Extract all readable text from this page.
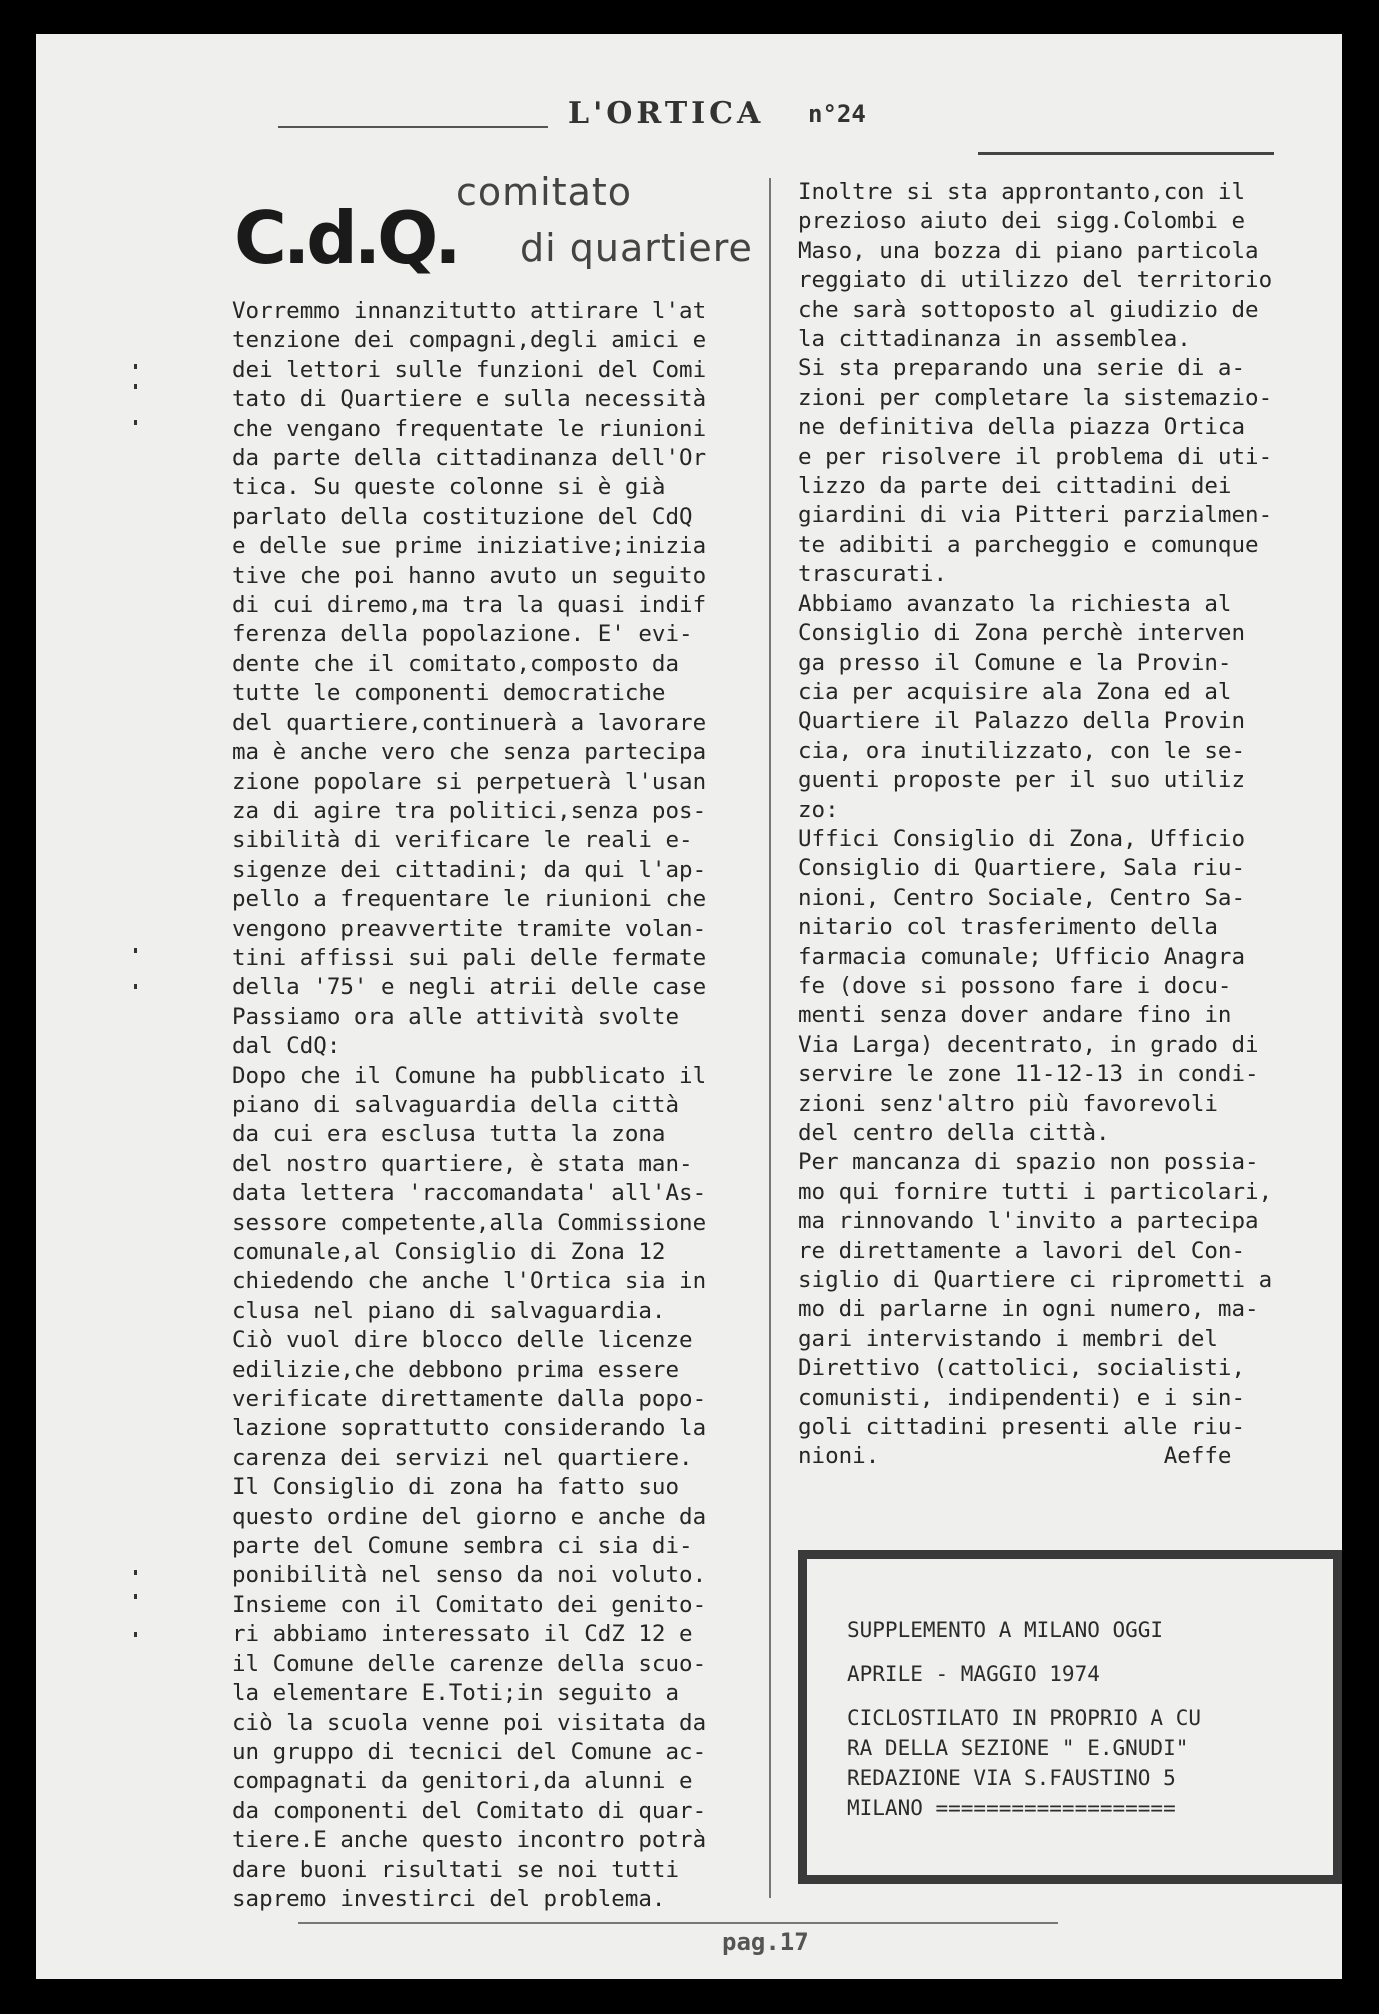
L'ORTICA n°24
C.d.Q.
comitato
di quartiere
Vorremmo innanzitutto attirare l'at
tenzione dei compagni,degli amici e
dei lettori sulle funzioni del Comi
tato di Quartiere e sulla necessità
che vengano frequentate le riunioni
da parte della cittadinanza dell'Or
tica. Su queste colonne si è già
parlato della costituzione del CdQ
e delle sue prime iniziative;inizia
tive che poi hanno avuto un seguito
di cui diremo,ma tra la quasi indif
ferenza della popolazione. E' evi-
dente che il comitato,composto da
tutte le componenti democratiche
del quartiere,continuerà a lavorare
ma è anche vero che senza partecipa
zione popolare si perpetuerà l'usan
za di agire tra politici,senza pos-
sibilità di verificare le reali e-
sigenze dei cittadini; da qui l'ap-
pello a frequentare le riunioni che
vengono preavvertite tramite volan-
tini affissi sui pali delle fermate
della '75' e negli atrii delle case
Passiamo ora alle attività svolte
dal CdQ:
Dopo che il Comune ha pubblicato il
piano di salvaguardia della città
da cui era esclusa tutta la zona
del nostro quartiere, è stata man-
data lettera 'raccomandata' all'As-
sessore competente,alla Commissione
comunale,al Consiglio di Zona 12
chiedendo che anche l'Ortica sia in
clusa nel piano di salvaguardia.
Ciò vuol dire blocco delle licenze
edilizie,che debbono prima essere
verificate direttamente dalla popo-
lazione soprattutto considerando la
carenza dei servizi nel quartiere.
Il Consiglio di zona ha fatto suo
questo ordine del giorno e anche da
parte del Comune sembra ci sia di-
ponibilità nel senso da noi voluto.
Insieme con il Comitato dei genito-
ri abbiamo interessato il CdZ 12 e
il Comune delle carenze della scuo-
la elementare E.Toti;in seguito a
ciò la scuola venne poi visitata da
un gruppo di tecnici del Comune ac-
compagnati da genitori,da alunni e
da componenti del Comitato di quar-
tiere.E anche questo incontro potrà
dare buoni risultati se noi tutti
sapremo investirci del problema.
Inoltre si sta approntanto,con il
prezioso aiuto dei sigg.Colombi e
Maso, una bozza di piano particola
reggiato di utilizzo del territorio
che sarà sottoposto al giudizio de
la cittadinanza in assemblea.
Si sta preparando una serie di a-
zioni per completare la sistemazio-
ne definitiva della piazza Ortica
e per risolvere il problema di uti-
lizzo da parte dei cittadini dei
giardini di via Pitteri parzialmen-
te adibiti a parcheggio e comunque
trascurati.
Abbiamo avanzato la richiesta al
Consiglio di Zona perchè interven
ga presso il Comune e la Provin-
cia per acquisire ala Zona ed al
Quartiere il Palazzo della Provin
cia, ora inutilizzato, con le se-
guenti proposte per il suo utiliz
zo:
Uffici Consiglio di Zona, Ufficio
Consiglio di Quartiere, Sala riu-
nioni, Centro Sociale, Centro Sa-
nitario col trasferimento della
farmacia comunale; Ufficio Anagra
fe (dove si possono fare i docu-
menti senza dover andare fino in
Via Larga) decentrato, in grado di
servire le zone 11-12-13 in condi-
zioni senz'altro più favorevoli
del centro della città.
Per mancanza di spazio non possia-
mo qui fornire tutti i particolari,
ma rinnovando l'invito a partecipa
re direttamente a lavori del Con-
siglio di Quartiere ci riprometti a
mo di parlarne in ogni numero, ma-
gari intervistando i membri del
Direttivo (cattolici, socialisti,
comunisti, indipendenti) e i sin-
goli cittadini presenti alle riu-
nioni.                     Aeffe
SUPPLEMENTO A MILANO OGGI

APRILE - MAGGIO 1974

CICLOSTILATO IN PROPRIO A CU
RA DELLA SEZIONE " E.GNUDI"
REDAZIONE VIA S.FAUSTINO 5
MILANO ===================
pag.17
